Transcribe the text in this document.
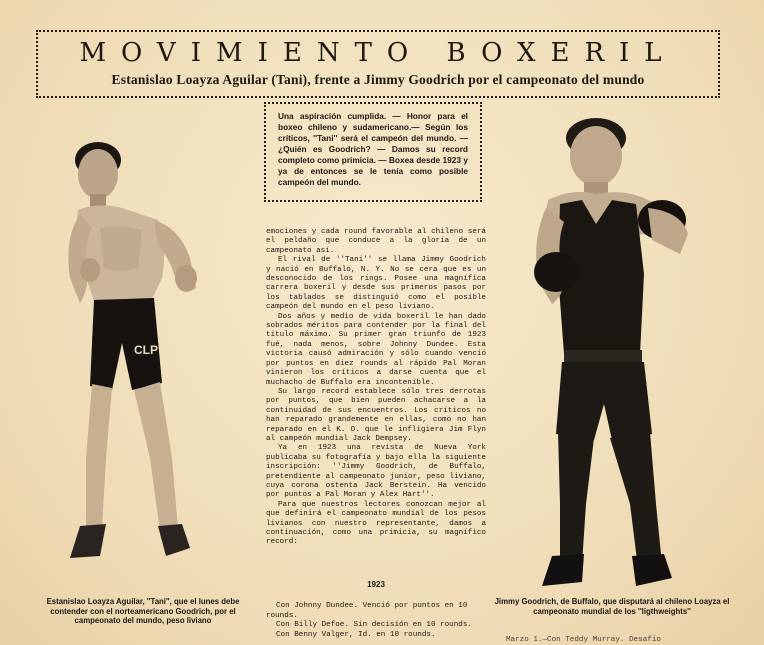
MOVIMIENTO BOXERIL
Estanislao Loayza Aguilar (Tani), frente a Jimmy Goodrich por el campeonato del mundo

Una aspiración cumplida. — Honor para el boxeo chileno y sudamericano.— Según los críticos, ''Tani'' será el campeón del mundo. — ¿Quién es Goodrich? — Damos su record completo como primicia. — Boxea desde 1923 y ya de entonces se le tenía como posible campeón del mundo.

CLP

emociones y cada round favorable al chileno será el peldaño que conduce a la gloria de un campeonato así.

El rival de ''Tani'' se llama Jimmy Goodrich y nació en Buffalo, N. Y. No se cera que es un desconocido de los rings. Posee una magnífica carrera boxeril y desde sus primeros pasos por los tablados se distinguió como el posible campeón del mundo en el peso liviano.

Dos años y medio de vida boxeril le han dado sobrados méritos para contender por la final del título máximo. Su primer gran triunfo de 1923 fué, nada menos, sobre Johnny Dundee. Esta victoria causó admiración y sólo cuando venció por puntos en diez rounds al rápido Pal Moran vinieron los críticos a darse cuenta que el muchacho de Buffalo era incontenible.

Su largo record establece sólo tres derrotas por puntos, que bien pueden achacarse a la continuidad de sus encuentros. Los críticos no han reparado grandemente en ellas, como no han reparado en el K. O. que le infligiera Jim Flyn al campeón mundial Jack Dempsey.

Ya en 1923 una revista de Nueva York publicaba su fotografía y bajo ella la siguiente inscripción: ''Jimmy Goodrich, de Buffalo, pretendiente al campeonato junior, peso liviano, cuya corona ostenta Jack Berstein. Ha vencido por puntos a Pal Moran y Alex Hart''.

Para que nuestros lectores conozcan mejor al que definirá el campeonato mundial de los pesos livianos con nuestro representante, damos a continuación, como una primicia, su magnífico record:

1923

Con Johnny Dundee. Venció por puntos en 10 rounds.

Con Billy Defoe. Sin decisión en 10 rounds.

Con Benny Valger, Id. en 10 rounds.

Estanislao Loayza Aguilar, ''Tani'', que el lunes debe contender con el norteamericano Goodrich, por el campeonato del mundo, peso liviano
Jimmy Goodrich, de Buffalo, que disputará al chileno Loayza el campeonato mundial de los ''ligthweights''
Marzo 1.—Con Teddy Murray. Desafío
